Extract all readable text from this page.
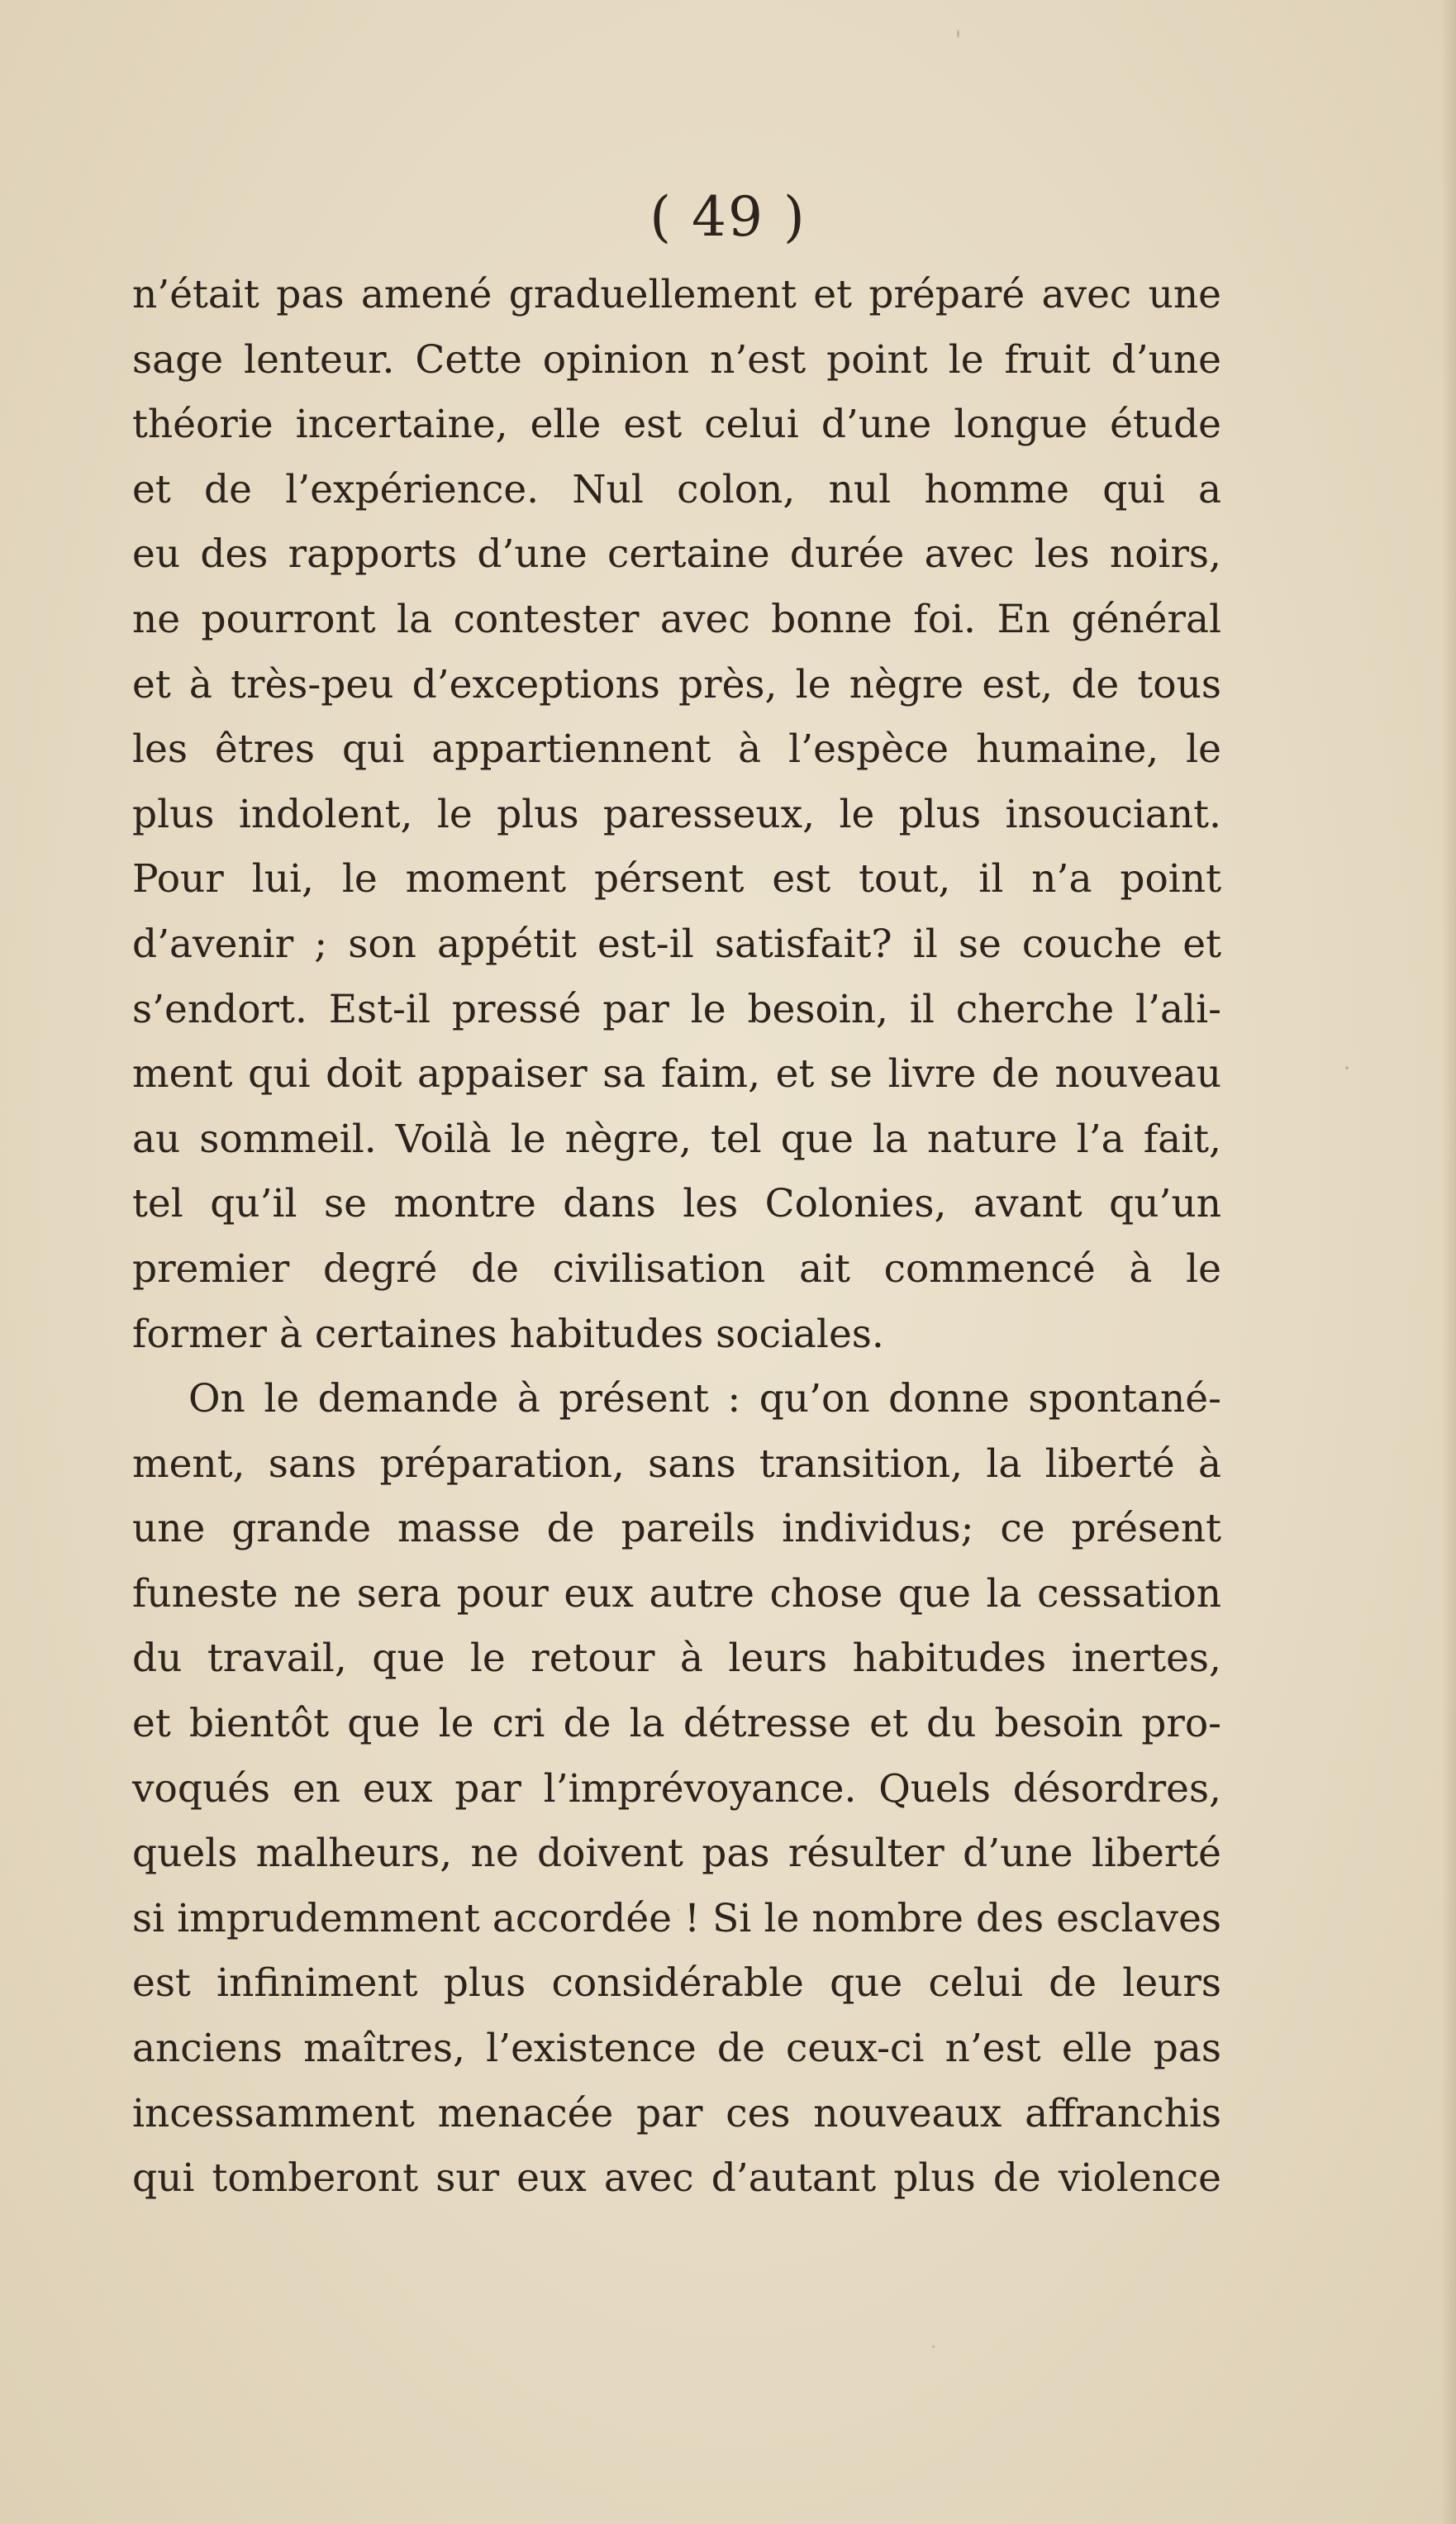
( 49 )
n’était pas amené graduellement et préparé avec une
sage lenteur. Cette opinion n’est point le fruit d’une
théorie incertaine, elle est celui d’une longue étude
et de l’expérience. Nul colon, nul homme qui a
eu des rapports d’une certaine durée avec les noirs,
ne pourront la contester avec bonne foi. En général
et à très-peu d’exceptions près, le nègre est, de tous
les êtres qui appartiennent à l’espèce humaine, le
plus indolent, le plus paresseux, le plus insouciant.
Pour lui, le moment pérsent est tout, il n’a point
d’avenir ; son appétit est-il satisfait? il se couche et
s’endort. Est-il pressé par le besoin, il cherche l’ali-
ment qui doit appaiser sa faim, et se livre de nouveau
au sommeil. Voilà le nègre, tel que la nature l’a fait,
tel qu’il se montre dans les Colonies, avant qu’un
premier degré de civilisation ait commencé à le
former à certaines habitudes sociales.
On le demande à présent : qu’on donne spontané-
ment, sans préparation, sans transition, la liberté à
une grande masse de pareils individus; ce présent
funeste ne sera pour eux autre chose que la cessation
du travail, que le retour à leurs habitudes inertes,
et bientôt que le cri de la détresse et du besoin pro-
voqués en eux par l’imprévoyance. Quels désordres,
quels malheurs, ne doivent pas résulter d’une liberté
si imprudemment accordée ! Si le nombre des esclaves
est infiniment plus considérable que celui de leurs
anciens maîtres, l’existence de ceux-ci n’est elle pas
incessamment menacée par ces nouveaux affranchis
qui tomberont sur eux avec d’autant plus de violence
